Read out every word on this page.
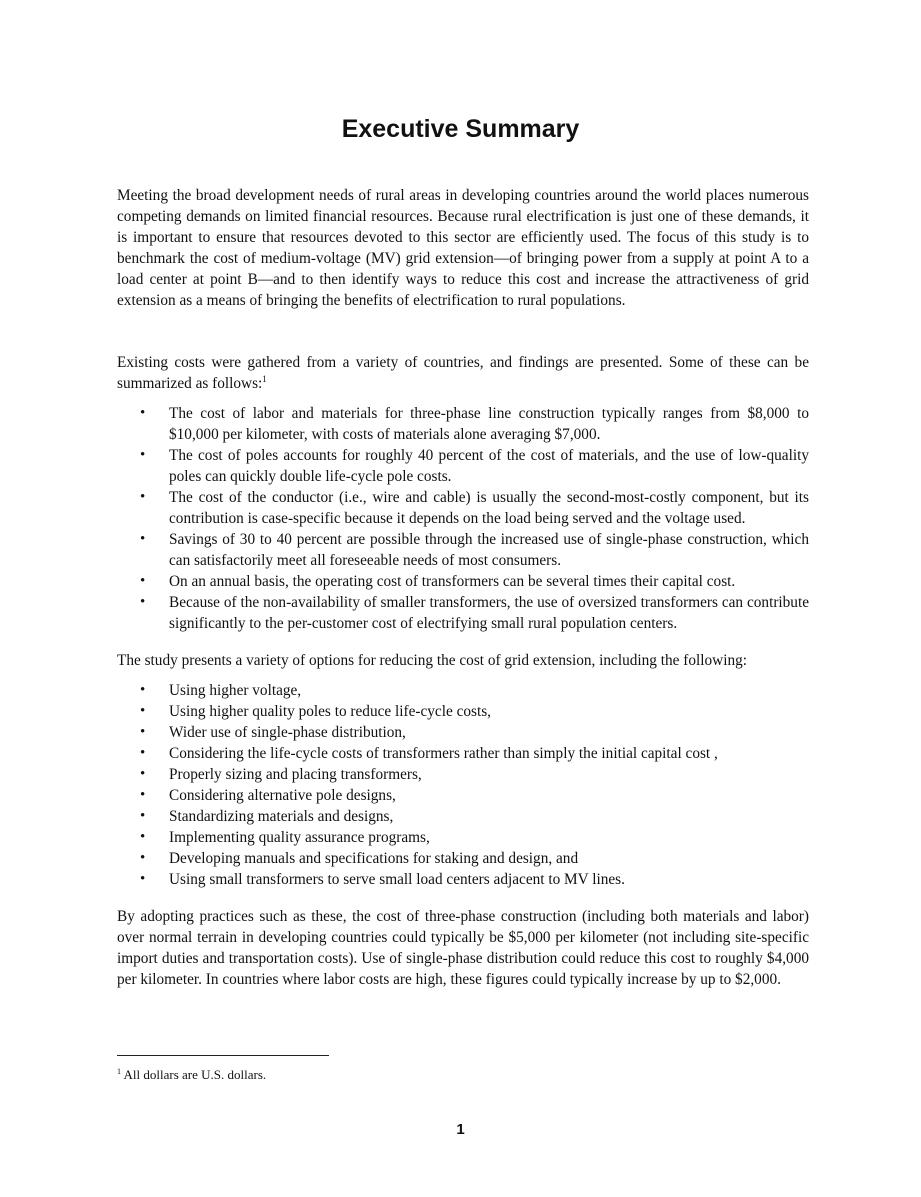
Executive Summary

Meeting the broad development needs of rural areas in developing countries around the world places numerous competing demands on limited financial resources. Because rural electrification is just one of these demands, it is important to ensure that resources devoted to this sector are efficiently used. The focus of this study is to benchmark the cost of medium-voltage (MV) grid extension—of bringing power from a supply at point A to a load center at point B—and to then identify ways to reduce this cost and increase the attractiveness of grid extension as a means of bringing the benefits of electrification to rural populations.

Existing costs were gathered from a variety of countries, and findings are presented. Some of these can be summarized as follows:$^1$

• The cost of labor and materials for three-phase line construction typically ranges from $8,000 to $10,000 per kilometer, with costs of materials alone averaging $7,000.
• The cost of poles accounts for roughly 40 percent of the cost of materials, and the use of low-quality poles can quickly double life-cycle pole costs.
• The cost of the conductor (i.e., wire and cable) is usually the second-most-costly component, but its contribution is case-specific because it depends on the load being served and the voltage used.
• Savings of 30 to 40 percent are possible through the increased use of single-phase construction, which can satisfactorily meet all foreseeable needs of most consumers.
• On an annual basis, the operating cost of transformers can be several times their capital cost.
• Because of the non-availability of smaller transformers, the use of oversized transformers can contribute significantly to the per-customer cost of electrifying small rural population centers.

The study presents a variety of options for reducing the cost of grid extension, including the following:

• Using higher voltage,
• Using higher quality poles to reduce life-cycle costs,
• Wider use of single-phase distribution,
• Considering the life-cycle costs of transformers rather than simply the initial capital cost ,
• Properly sizing and placing transformers,
• Considering alternative pole designs,
• Standardizing materials and designs,
• Implementing quality assurance programs,
• Developing manuals and specifications for staking and design, and
• Using small transformers to serve small load centers adjacent to MV lines.

By adopting practices such as these, the cost of three-phase construction (including both materials and labor) over normal terrain in developing countries could typically be $5,000 per kilometer (not including site-specific import duties and transportation costs). Use of single-phase distribution could reduce this cost to roughly $4,000 per kilometer. In countries where labor costs are high, these figures could typically increase by up to $2,000.

$^1$ All dollars are U.S. dollars.

1
